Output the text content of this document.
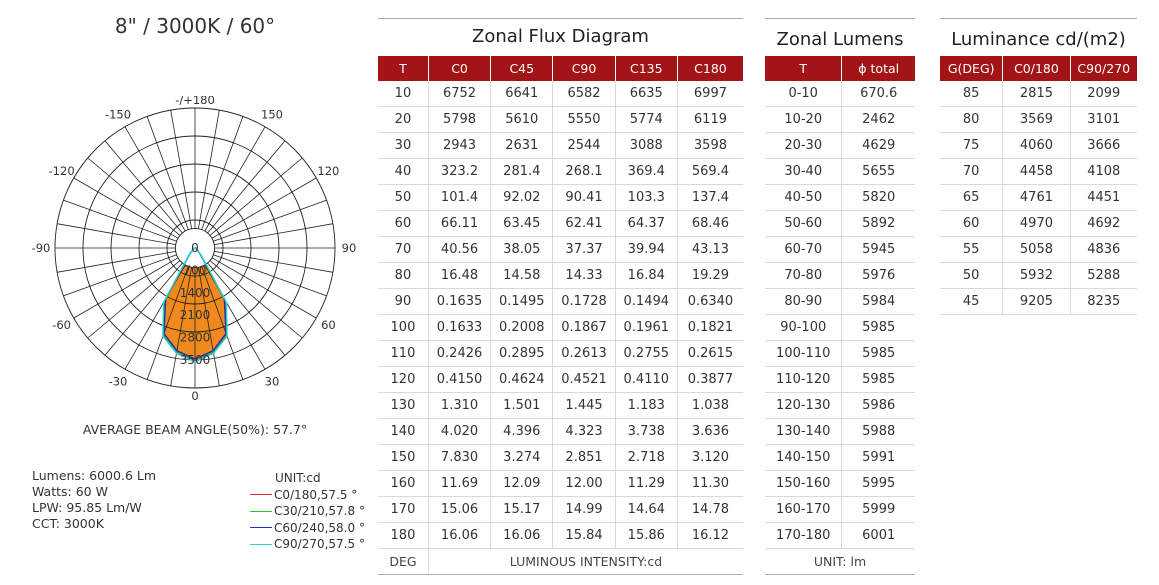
8" / 3000K / 60°
0
700
1400
2100
2800
3500
-/+180
-150	150
-120	120
-90	90
-60	60
-30	30
0
AVERAGE BEAM ANGLE(50%): 57.7°
Lumens: 6000.6 Lm
Watts: 60 W
LPW: 95.85 Lm/W
CCT: 3000K
UNIT:cd
C0/180,57.5 °
C30/210,57.8 °
C60/240,58.0 °
C90/270,57.5 °
Zonal Flux Diagram
T	C0	C45	C90	C135	C180
10	6752	6641	6582	6635	6997
20	5798	5610	5550	5774	6119
30	2943	2631	2544	3088	3598
40	323.2	281.4	268.1	369.4	569.4
50	101.4	92.02	90.41	103.3	137.4
60	66.11	63.45	62.41	64.37	68.46
70	40.56	38.05	37.37	39.94	43.13
80	16.48	14.58	14.33	16.84	19.29
90	0.1635	0.1495	0.1728	0.1494	0.6340
100	0.1633	0.2008	0.1867	0.1961	0.1821
110	0.2426	0.2895	0.2613	0.2755	0.2615
120	0.4150	0.4624	0.4521	0.4110	0.3877
130	1.310	1.501	1.445	1.183	1.038
140	4.020	4.396	4.323	3.738	3.636
150	7.830	3.274	2.851	2.718	3.120
160	11.69	12.09	12.00	11.29	11.30
170	15.06	15.17	14.99	14.64	14.78
180	16.06	16.06	15.84	15.86	16.12
DEG	LUMINOUS INTENSITY:cd				
Zonal Lumens
T	ϕ total
0-10	670.6
10-20	2462
20-30	4629
30-40	5655
40-50	5820
50-60	5892
60-70	5945
70-80	5976
80-90	5984
90-100	5985
100-110	5985
110-120	5985
120-130	5986
130-140	5988
140-150	5991
150-160	5995
160-170	5999
170-180	6001
UNIT: lm	
Luminance cd/(m2)
G(DEG)	C0/180	C90/270
85	2815	2099
80	3569	3101
75	4060	3666
70	4458	4108
65	4761	4451
60	4970	4692
55	5058	4836
50	5932	5288
45	9205	8235
